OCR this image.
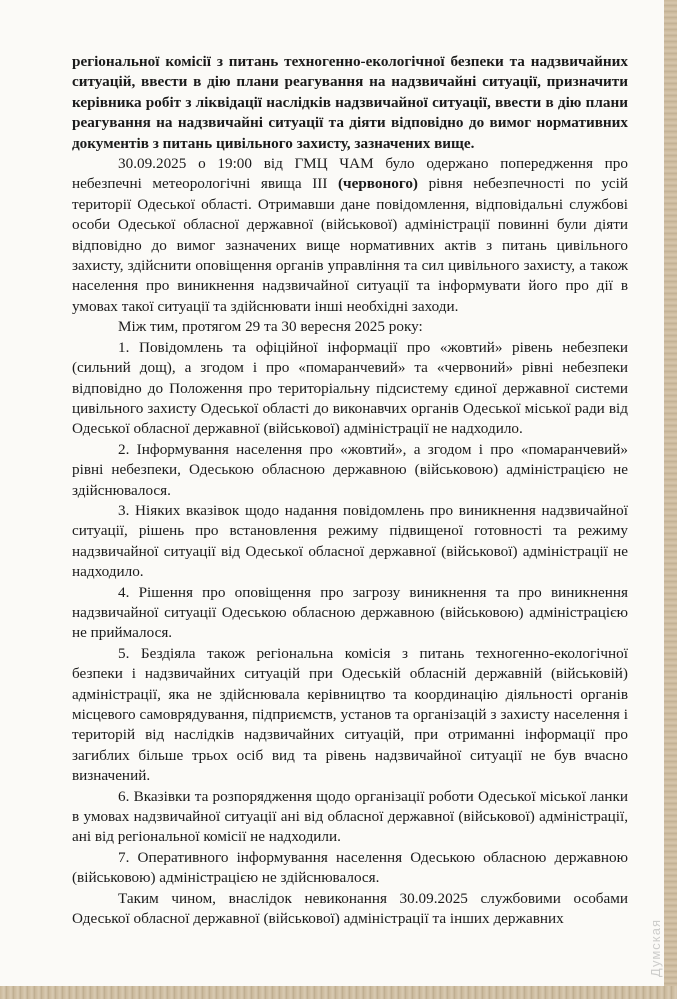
регіональної комісії з питань техногенно-екологічної безпеки та надзвичайних ситуацій, ввести в дію плани реагування на надзвичайні ситуації, призначити керівника робіт з ліквідації наслідків надзвичайної ситуації, ввести в дію плани реагування на надзвичайні ситуації та діяти відповідно до вимог нормативних документів з питань цивільного захисту, зазначених вище.

30.09.2025 о 19:00 від ГМЦ ЧАМ було одержано попередження про небезпечні метеорологічні явища ІІІ (червоного) рівня небезпечності по усій території Одеської області. Отримавши дане повідомлення, відповідальні службові особи Одеської обласної державної (військової) адміністрації повинні були діяти відповідно до вимог зазначених вище нормативних актів з питань цивільного захисту, здійснити оповіщення органів управління та сил цивільного захисту, а також населення про виникнення надзвичайної ситуації та інформувати його про дії в умовах такої ситуації та здійснювати інші необхідні заходи.

Між тим, протягом 29 та 30 вересня 2025 року:

1. Повідомлень та офіційної інформації про «жовтий» рівень небезпеки (сильний дощ), а згодом і про «помаранчевий» та «червоний» рівні небезпеки відповідно до Положення про територіальну підсистему єдиної державної системи цивільного захисту Одеської області до виконавчих органів Одеської міської ради від Одеської обласної державної (військової) адміністрації не надходило.

2. Інформування населення про «жовтий», а згодом і про «помаранчевий» рівні небезпеки, Одеською обласною державною (військовою) адміністрацією не здійснювалося.

3. Ніяких вказівок щодо надання повідомлень про виникнення надзвичайної ситуації, рішень про встановлення режиму підвищеної готовності та режиму надзвичайної ситуації від Одеської обласної державної (військової) адміністрації не надходило.

4. Рішення про оповіщення про загрозу виникнення та про виникнення надзвичайної ситуації Одеською обласною державною (військовою) адміністрацією не приймалося.

5. Бездіяла також регіональна комісія з питань техногенно-екологічної безпеки і надзвичайних ситуацій при Одеській обласній державній (військовій) адміністрації, яка не здійснювала керівництво та координацію діяльності органів місцевого самоврядування, підприємств, установ та організацій з захисту населення і територій від наслідків надзвичайних ситуацій, при отриманні інформації про загиблих більше трьох осіб вид та рівень надзвичайної ситуації не був вчасно визначений.

6. Вказівки та розпорядження щодо організації роботи Одеської міської ланки в умовах надзвичайної ситуації ані від обласної державної (військової) адміністрації, ані від регіональної комісії не надходили.

7. Оперативного інформування населення Одеською обласною державною (військовою) адміністрацією не здійснювалося.

Таким чином, внаслідок невиконання 30.09.2025 службовими особами Одеської обласної державної (військової) адміністрації та інших державних

Думская
